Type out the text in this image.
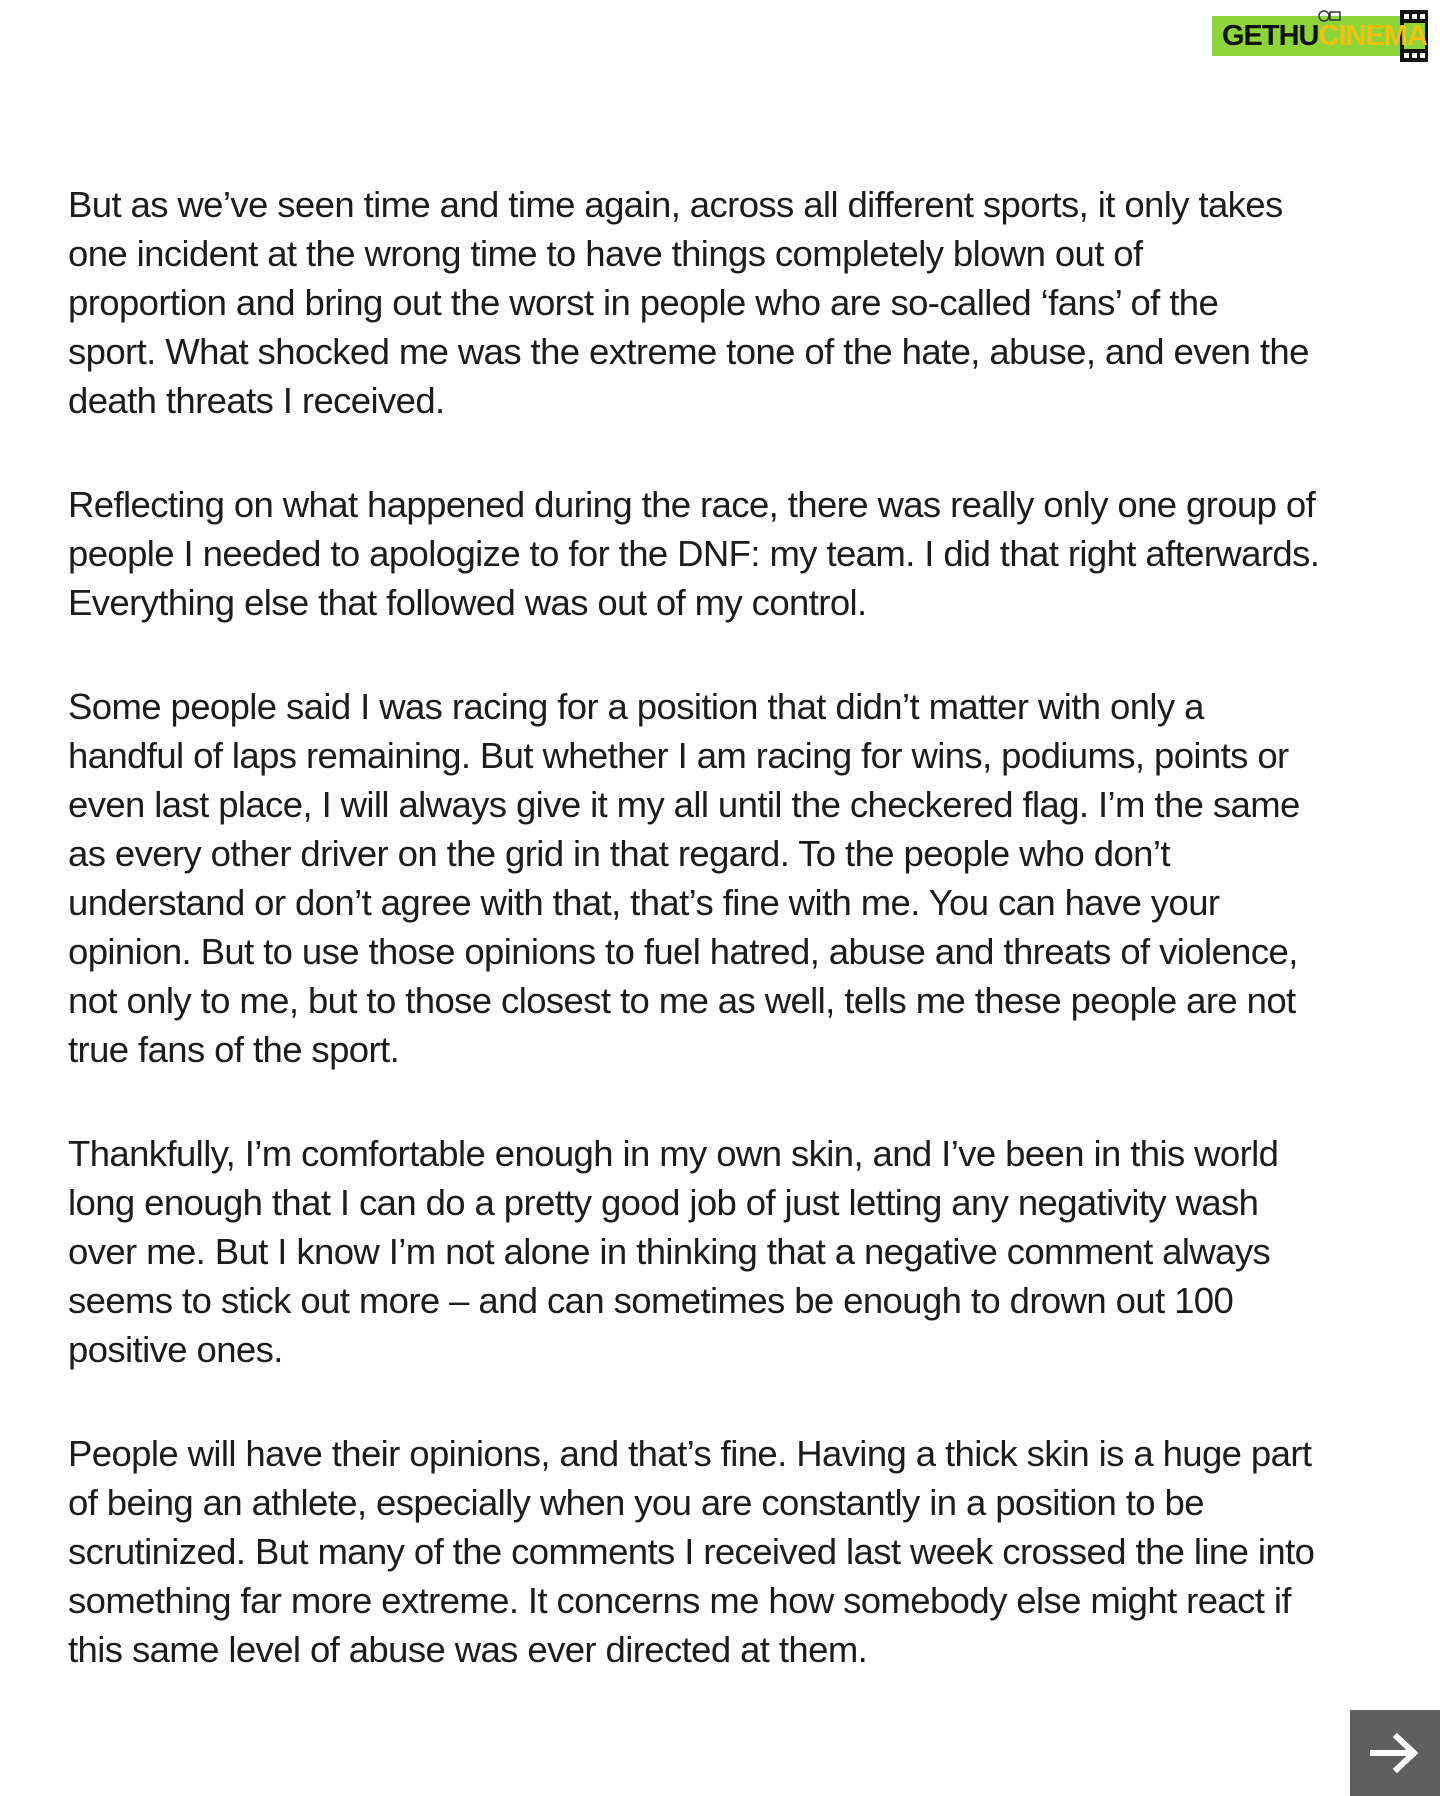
GETHUCINEMA

But as we’ve seen time and time again, across all different sports, it only takes
one incident at the wrong time to have things completely blown out of
proportion and bring out the worst in people who are so-called ‘fans’ of the
sport. What shocked me was the extreme tone of the hate, abuse, and even the
death threats I received.

Reflecting on what happened during the race, there was really only one group of
people I needed to apologize to for the DNF: my team. I did that right afterwards.
Everything else that followed was out of my control.

Some people said I was racing for a position that didn’t matter with only a
handful of laps remaining. But whether I am racing for wins, podiums, points or
even last place, I will always give it my all until the checkered flag. I’m the same
as every other driver on the grid in that regard. To the people who don’t
understand or don’t agree with that, that’s fine with me. You can have your
opinion. But to use those opinions to fuel hatred, abuse and threats of violence,
not only to me, but to those closest to me as well, tells me these people are not
true fans of the sport.

Thankfully, I’m comfortable enough in my own skin, and I’ve been in this world
long enough that I can do a pretty good job of just letting any negativity wash
over me. But I know I’m not alone in thinking that a negative comment always
seems to stick out more – and can sometimes be enough to drown out 100
positive ones.

People will have their opinions, and that’s fine. Having a thick skin is a huge part
of being an athlete, especially when you are constantly in a position to be
scrutinized. But many of the comments I received last week crossed the line into
something far more extreme. It concerns me how somebody else might react if
this same level of abuse was ever directed at them.
